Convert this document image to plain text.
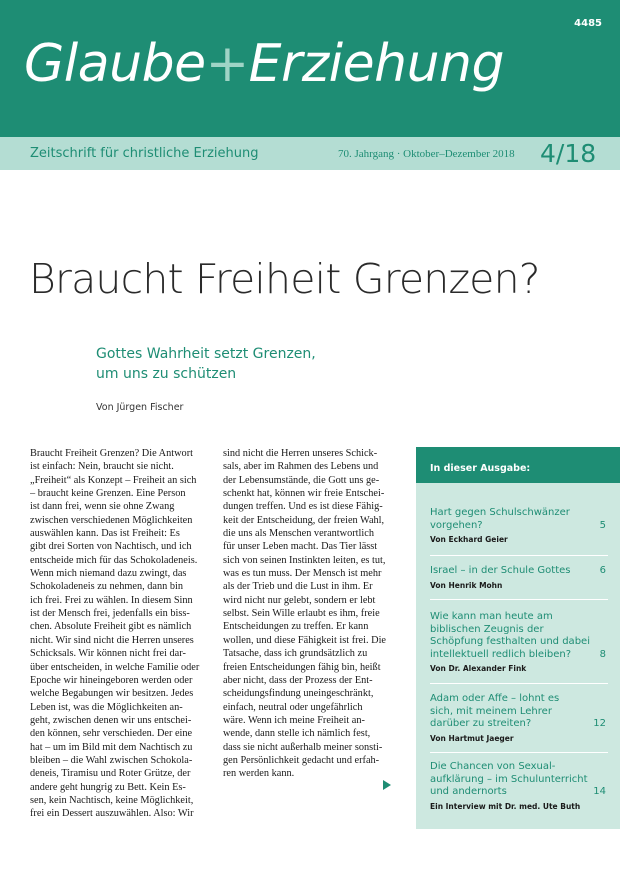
4485
Glaube+Erziehung
Zeitschrift für christliche Erziehung	70. Jahrgang · Oktober–Dezember 2018 4/18
Braucht Freiheit Grenzen?
Gottes Wahrheit setzt Grenzen,
um uns zu schützen
Von Jürgen Fischer
Braucht Freiheit Grenzen? Die Antwort
ist einfach: Nein, braucht sie nicht.
„Freiheit“ als Konzept – Freiheit an sich
– braucht keine Grenzen. Eine Person
ist dann frei, wenn sie ohne Zwang
zwischen verschiedenen Möglichkeiten
auswählen kann. Das ist Freiheit: Es
gibt drei Sorten von Nachtisch, und ich
entscheide mich für das Schokoladeneis.
Wenn mich niemand dazu zwingt, das
Schokoladeneis zu nehmen, dann bin
ich frei. Frei zu wählen. In diesem Sinn
ist der Mensch frei, jedenfalls ein biss-
chen. Absolute Freiheit gibt es nämlich
nicht. Wir sind nicht die Herren unseres
Schicksals. Wir können nicht frei dar-
über entscheiden, in welche Familie oder
Epoche wir hineingeboren werden oder
welche Begabungen wir besitzen. Jedes
Leben ist, was die Möglichkeiten an-
geht, zwischen denen wir uns entschei-
den können, sehr verschieden. Der eine
hat – um im Bild mit dem Nachtisch zu
bleiben – die Wahl zwischen Schokola-
deneis, Tiramisu und Roter Grütze, der
andere geht hungrig zu Bett. Kein Es-
sen, kein Nachtisch, keine Möglichkeit,
frei ein Dessert auszuwählen. Also: Wir
sind nicht die Herren unseres Schick-
sals, aber im Rahmen des Lebens und
der Lebensumstände, die Gott uns ge-
schenkt hat, können wir freie Entschei-
dungen treffen. Und es ist diese Fähig-
keit der Entscheidung, der freien Wahl,
die uns als Menschen verantwortlich
für unser Leben macht. Das Tier lässt
sich von seinen Instinkten leiten, es tut,
was es tun muss. Der Mensch ist mehr
als der Trieb und die Lust in ihm. Er
wird nicht nur gelebt, sondern er lebt
selbst. Sein Wille erlaubt es ihm, freie
Entscheidungen zu treffen. Er kann
wollen, und diese Fähigkeit ist frei. Die
Tatsache, dass ich grundsätzlich zu
freien Entscheidungen fähig bin, heißt
aber nicht, dass der Prozess der Ent-
scheidungsfindung uneingeschränkt,
einfach, neutral oder ungefährlich
wäre. Wenn ich meine Freiheit an-
wende, dann stelle ich nämlich fest,
dass sie nicht außerhalb meiner sonsti-
gen Persönlichkeit gedacht und erfah-
ren werden kann.
In dieser Ausgabe:
Hart gegen Schulschwänzer
vorgehen?	5
Von Eckhard Geier
Israel – in der Schule Gottes	6
Von Henrik Mohn
Wie kann man heute am
biblischen Zeugnis der
Schöpfung festhalten und dabei
intellektuell redlich bleiben?	8
Von Dr. Alexander Fink
Adam oder Affe – lohnt es
sich, mit meinem Lehrer
darüber zu streiten?	12
Von Hartmut Jaeger
Die Chancen von Sexual-
aufklärung – im Schulunterricht
und andernorts	14
Ein Interview mit Dr. med. Ute Buth
